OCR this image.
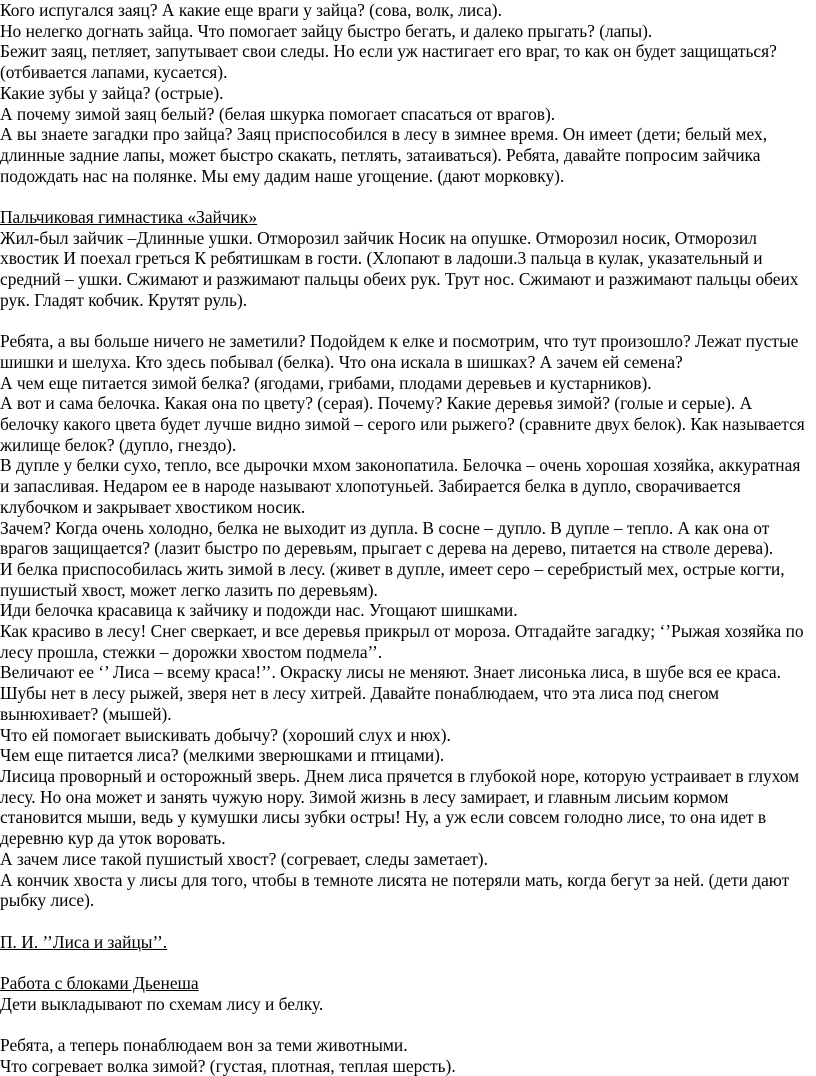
Кого испугался заяц? А какие еще враги у зайца? (сова, волк, лиса).

Но нелегко догнать зайца. Что помогает зайцу быстро бегать, и далеко прыгать? (лапы).

Бежит заяц, петляет, запутывает свои следы. Но если уж настигает его враг, то как он будет защищаться? (отбивается лапами, кусается).

Какие зубы у зайца? (острые).

А почему зимой заяц белый? (белая шкурка помогает спасаться от врагов).

А вы знаете загадки про зайца? Заяц приспособился в лесу в зимнее время. Он имеет (дети; белый мех, длинные задние лапы, может быстро скакать, петлять, затаиваться). Ребята, давайте попросим зайчика подождать нас на полянке. Мы ему дадим наше угощение. (дают морковку).

Пальчиковая гимнастика «Зайчик»

Жил-был зайчик –Длинные ушки. Отморозил зайчик Носик на опушке. Отморозил носик, Отморозил хвостик И поехал греться К ребятишкам в гости. (Хлопают в ладоши.3 пальца в кулак, указательный и средний – ушки. Сжимают и разжимают пальцы обеих рук. Трут нос. Сжимают и разжимают пальцы обеих рук. Гладят кобчик. Крутят руль).

Ребята, а вы больше ничего не заметили? Подойдем к елке и посмотрим, что тут произошло? Лежат пустые шишки и шелуха. Кто здесь побывал (белка). Что она искала в шишках? А зачем ей семена?

А чем еще питается зимой белка? (ягодами, грибами, плодами деревьев и кустарников).

А вот и сама белочка. Какая она по цвету? (серая). Почему? Какие деревья зимой? (голые и серые). А белочку какого цвета будет лучше видно зимой – серого или рыжего? (сравните двух белок). Как называется жилище белок? (дупло, гнездо).

В дупле у белки сухо, тепло, все дырочки мхом законопатила. Белочка – очень хорошая хозяйка, аккуратная и запасливая. Недаром ее в народе называют хлопотуньей. Забирается белка в дупло, сворачивается клубочком и закрывает хвостиком носик.

Зачем? Когда очень холодно, белка не выходит из дупла. В сосне – дупло. В дупле – тепло. А как она от врагов защищается? (лазит быстро по деревьям, прыгает с дерева на дерево, питается на стволе дерева).

И белка приспособилась жить зимой в лесу. (живет в дупле, имеет серо – серебристый мех, острые когти, пушистый хвост, может легко лазить по деревьям).

Иди белочка красавица к зайчику и подожди нас. Угощают шишками.

Как красиво в лесу! Снег сверкает, и все деревья прикрыл от мороза. Отгадайте загадку; ‘’Рыжая хозяйка по лесу прошла, стежки – дорожки хвостом подмела’’.

Величают ее ‘’ Лиса – всему краса!’’. Окраску лисы не меняют. Знает лисонька лиса, в шубе вся ее краса. Шубы нет в лесу рыжей, зверя нет в лесу хитрей. Давайте понаблюдаем, что эта лиса под снегом вынюхивает? (мышей).

Что ей помогает выискивать добычу? (хороший слух и нюх).

Чем еще питается лиса? (мелкими зверюшками и птицами).

Лисица проворный и осторожный зверь. Днем лиса прячется в глубокой норе, которую устраивает в глухом лесу. Но она может и занять чужую нору. Зимой жизнь в лесу замирает, и главным лисьим кормом становится мыши, ведь у кумушки лисы зубки остры! Ну, а уж если совсем голодно лисе, то она идет в деревню кур да уток воровать.

А зачем лисе такой пушистый хвост? (согревает, следы заметает).

А кончик хвоста у лисы для того, чтобы в темноте лисята не потеряли мать, когда бегут за ней. (дети дают рыбку лисе).

П. И. ’’Лиса и зайцы’’.

Работа с блоками Дьенеша

Дети выкладывают по схемам лису и белку.

Ребята, а теперь понаблюдаем вон за теми животными.

Что согревает волка зимой? (густая, плотная, теплая шерсть).
